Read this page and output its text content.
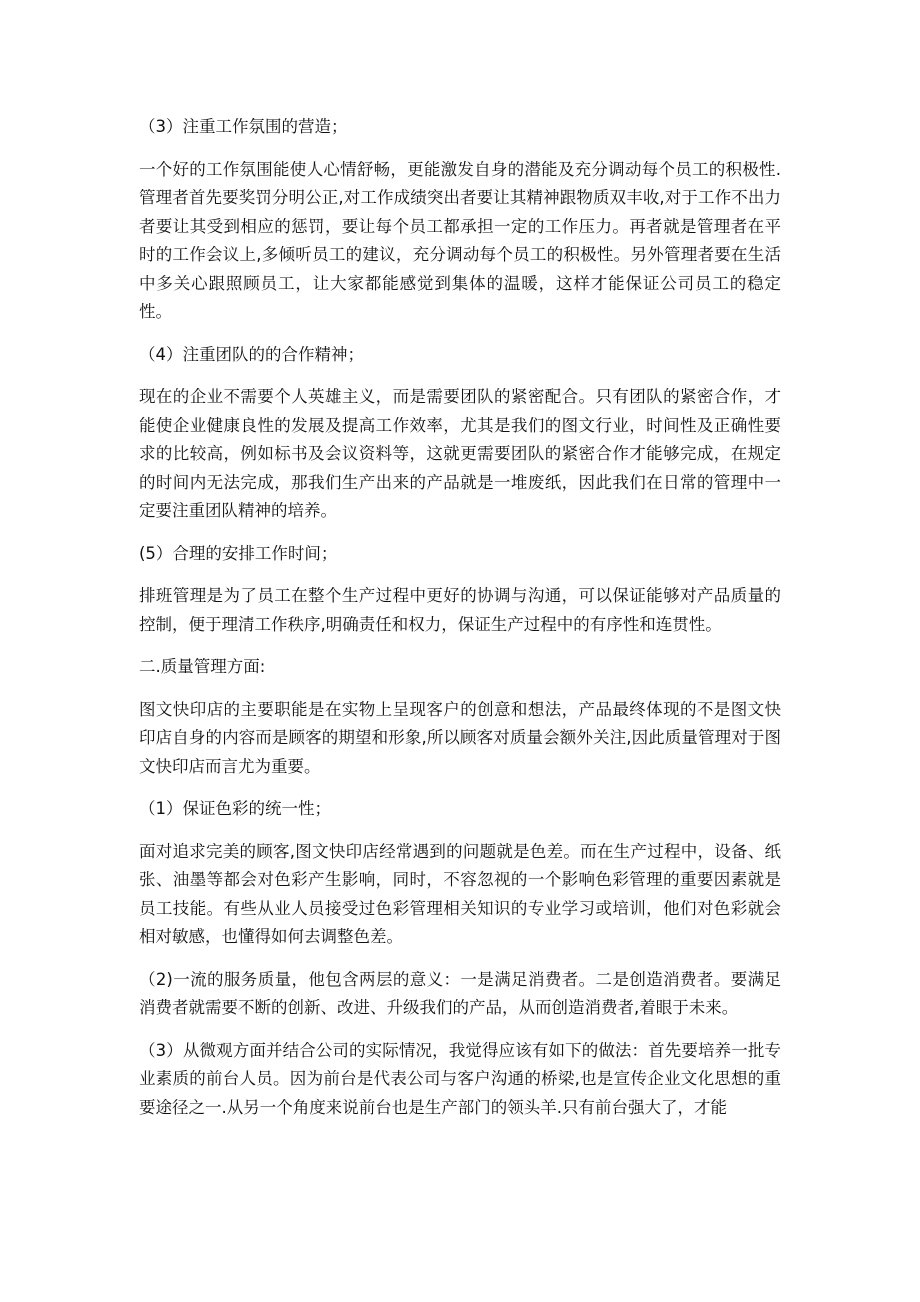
（3）注重工作氛围的营造；

一个好的工作氛围能使人心情舒畅，更能激发自身的潜能及充分调动每个员工的积极性.管理者首先要奖罚分明公正,对工作成绩突出者要让其精神跟物质双丰收,对于工作不出力者要让其受到相应的惩罚，要让每个员工都承担一定的工作压力。再者就是管理者在平时的工作会议上,多倾听员工的建议，充分调动每个员工的积极性。另外管理者要在生活中多关心跟照顾员工，让大家都能感觉到集体的温暖，这样才能保证公司员工的稳定性。

（4）注重团队的的合作精神；

现在的企业不需要个人英雄主义，而是需要团队的紧密配合。只有团队的紧密合作，才能使企业健康良性的发展及提高工作效率，尤其是我们的图文行业，时间性及正确性要求的比较高，例如标书及会议资料等，这就更需要团队的紧密合作才能够完成，在规定的时间内无法完成，那我们生产出来的产品就是一堆废纸，因此我们在日常的管理中一定要注重团队精神的培养。

(5）合理的安排工作时间；

排班管理是为了员工在整个生产过程中更好的协调与沟通，可以保证能够对产品质量的控制，便于理清工作秩序,明确责任和权力，保证生产过程中的有序性和连贯性。

二.质量管理方面:

图文快印店的主要职能是在实物上呈现客户的创意和想法，产品最终体现的不是图文快印店自身的内容而是顾客的期望和形象,所以顾客对质量会额外关注,因此质量管理对于图文快印店而言尤为重要。

（1）保证色彩的统一性；

面对追求完美的顾客,图文快印店经常遇到的问题就是色差。而在生产过程中，设备、纸张、油墨等都会对色彩产生影响，同时，不容忽视的一个影响色彩管理的重要因素就是员工技能。有些从业人员接受过色彩管理相关知识的专业学习或培训，他们对色彩就会相对敏感，也懂得如何去调整色差。

（2)一流的服务质量，他包含两层的意义：一是满足消费者。二是创造消费者。要满足消费者就需要不断的创新、改进、升级我们的产品，从而创造消费者,着眼于未来。

（3）从微观方面并结合公司的实际情况，我觉得应该有如下的做法：首先要培养一批专业素质的前台人员。因为前台是代表公司与客户沟通的桥梁,也是宣传企业文化思想的重要途径之一.从另一个角度来说前台也是生产部门的领头羊.只有前台强大了，才能
